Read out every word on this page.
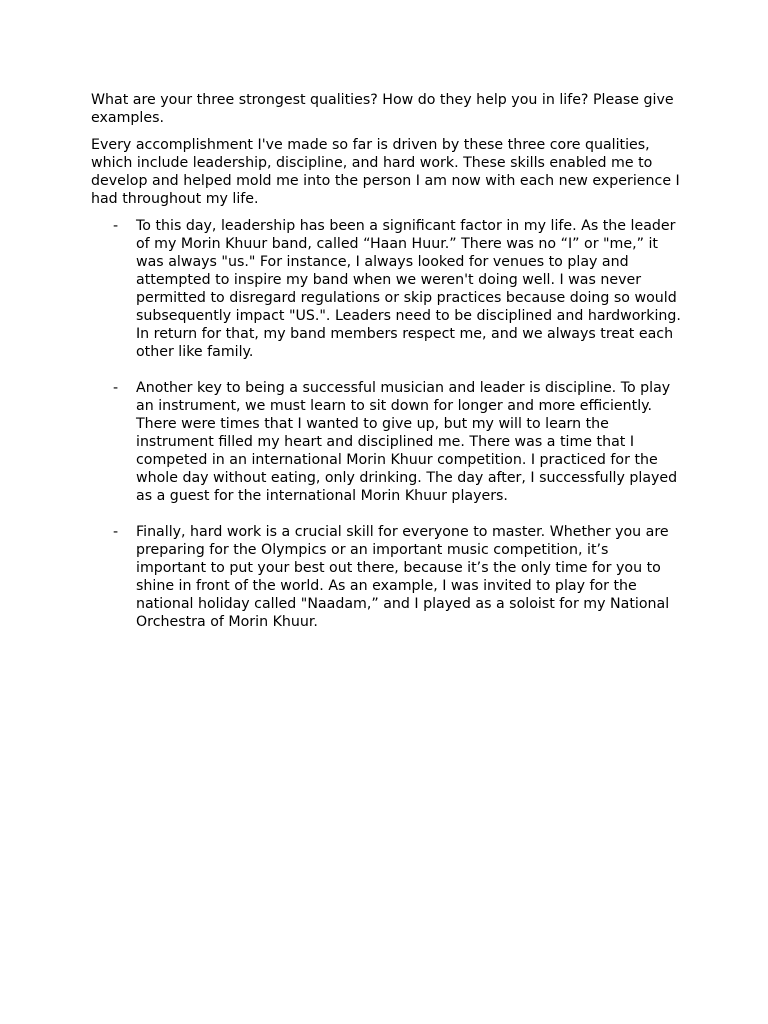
What are your three strongest qualities? How do they help you in life? Please give examples.

Every accomplishment I've made so far is driven by these three core qualities, which include leadership, discipline, and hard work. These skills enabled me to develop and helped mold me into the person I am now with each new experience I had throughout my life.

- To this day, leadership has been a significant factor in my life. As the leader of my Morin Khuur band, called “Haan Huur.” There was no “I” or "me,” it was always "us." For instance, I always looked for venues to play and attempted to inspire my band when we weren't doing well. I was never permitted to disregard regulations or skip practices because doing so would subsequently impact "US.". Leaders need to be disciplined and hardworking. In return for that, my band members respect me, and we always treat each other like family.
- Another key to being a successful musician and leader is discipline. To play an instrument, we must learn to sit down for longer and more efficiently. There were times that I wanted to give up, but my will to learn the instrument filled my heart and disciplined me. There was a time that I competed in an international Morin Khuur competition. I practiced for the whole day without eating, only drinking. The day after, I successfully played as a guest for the international Morin Khuur players.
- Finally, hard work is a crucial skill for everyone to master. Whether you are preparing for the Olympics or an important music competition, it’s important to put your best out there, because it’s the only time for you to shine in front of the world. As an example, I was invited to play for the national holiday called "Naadam,” and I played as a soloist for my National Orchestra of Morin Khuur.
